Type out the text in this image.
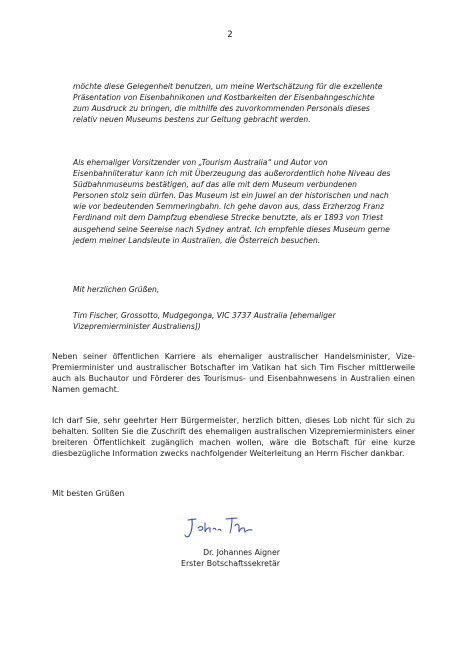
2
möchte diese Gelegenheit benutzen, um meine Wertschätzung für die exzellente Präsentation von Eisenbahnikonen und Kostbarkeiten der Eisenbahngeschichte zum Ausdruck zu bringen, die mithilfe des zuvorkommenden Personals dieses relativ neuen Museums bestens zur Geltung gebracht werden.
Als ehemaliger Vorsitzender von „Tourism Australia“ und Autor von Eisenbahnliteratur kann ich mit Überzeugung das außerordentlich hohe Niveau des Südbahnmuseums bestätigen, auf das alle mit dem Museum verbundenen Personen stolz sein dürfen. Das Museum ist ein Juwel an der historischen und nach wie vor bedeutenden Semmeringbahn. Ich gehe davon aus, dass Erzherzog Franz Ferdinand mit dem Dampfzug ebendiese Strecke benutzte, als er 1893 von Triest ausgehend seine Seereise nach Sydney antrat. Ich empfehle dieses Museum gerne jedem meiner Landsleute in Australien, die Österreich besuchen.
Mit herzlichen Grüßen,
Tim Fischer, Grossotto, Mudgegonga, VIC 3737 Australia [ehemaliger Vizepremierminister Australiens])
Neben seiner öffentlichen Karriere als ehemaliger australischer Handelsminister, Vize-Premierminister und australischer Botschafter im Vatikan hat sich Tim Fischer mittlerweile auch als Buchautor und Förderer des Tourismus- und Eisenbahnwesens in Australien einen Namen gemacht.
Ich darf Sie, sehr geehrter Herr Bürgermeister, herzlich bitten, dieses Lob nicht für sich zu behalten. Sollten Sie die Zuschrift des ehemaligen australischen Vizepremierministers einer breiteren Öffentlichkeit zugänglich machen wollen, wäre die Botschaft für eine kurze diesbezügliche Information zwecks nachfolgender Weiterleitung an Herrn Fischer dankbar.
Mit besten Grüßen
Dr. Johannes Aigner
Erster Botschaftssekretär
